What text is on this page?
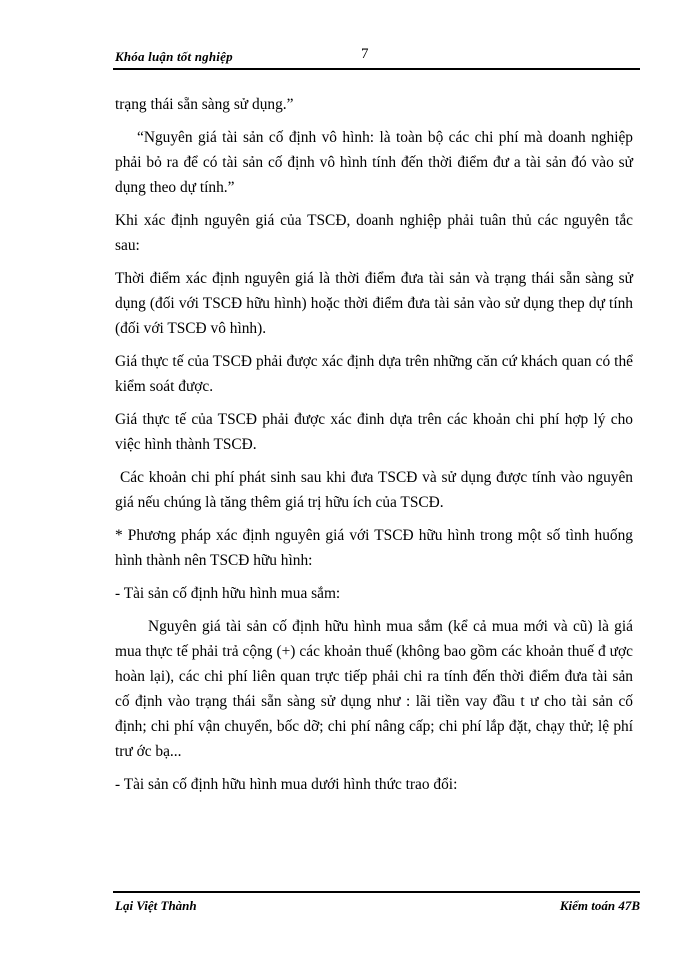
Khóa luận tốt nghiệp	7

trạng thái sẵn sàng sử dụng.”

“Nguyên giá tài sản cố định vô hình: là toàn bộ các chi phí mà doanh nghiệp phải bỏ ra để có tài sản cố định vô hình tính đến thời điểm đư a tài sản đó vào sử dụng theo dự tính.”

Khi xác định nguyên giá của TSCĐ, doanh nghiệp phải tuân thủ các nguyên tắc sau:

Thời điểm xác định nguyên giá là thời điểm đưa tài sản và trạng thái sẵn sàng sử dụng (đối với TSCĐ hữu hình) hoặc thời điểm đưa tài sản vào sử dụng thep dự tính (đối với TSCĐ vô hình).

Giá thực tế của TSCĐ phải được xác định dựa trên những căn cứ khách quan có thể kiểm soát được.

Giá thực tế của TSCĐ phải được xác đinh dựa trên các khoản chi phí hợp lý cho việc hình thành TSCĐ.

Các khoản chi phí phát sinh sau khi đưa TSCĐ và sử dụng được tính vào nguyên giá nếu chúng là tăng thêm giá trị hữu ích của TSCĐ.

* Phương pháp xác định nguyên giá với TSCĐ hữu hình trong một số tình huống hình thành nên TSCĐ hữu hình:

- Tài sản cố định hữu hình mua sắm:

Nguyên giá tài sản cố định hữu hình mua sắm (kể cả mua mới và cũ) là giá mua thực tế phải trả cộng (+) các khoản thuế (không bao gồm các khoản thuế đ ược hoàn lại), các chi phí liên quan trực tiếp phải chi ra tính đến thời điểm đưa tài sản cố định vào trạng thái sẵn sàng sử dụng như : lãi tiền vay đầu t ư cho tài sản cố định; chi phí vận chuyển, bốc dỡ; chi phí nâng cấp; chi phí lắp đặt, chạy thử; lệ phí trư ớc bạ...

- Tài sản cố định hữu hình mua dưới hình thức trao đổi:

Lại Việt Thành	Kiểm toán 47B
